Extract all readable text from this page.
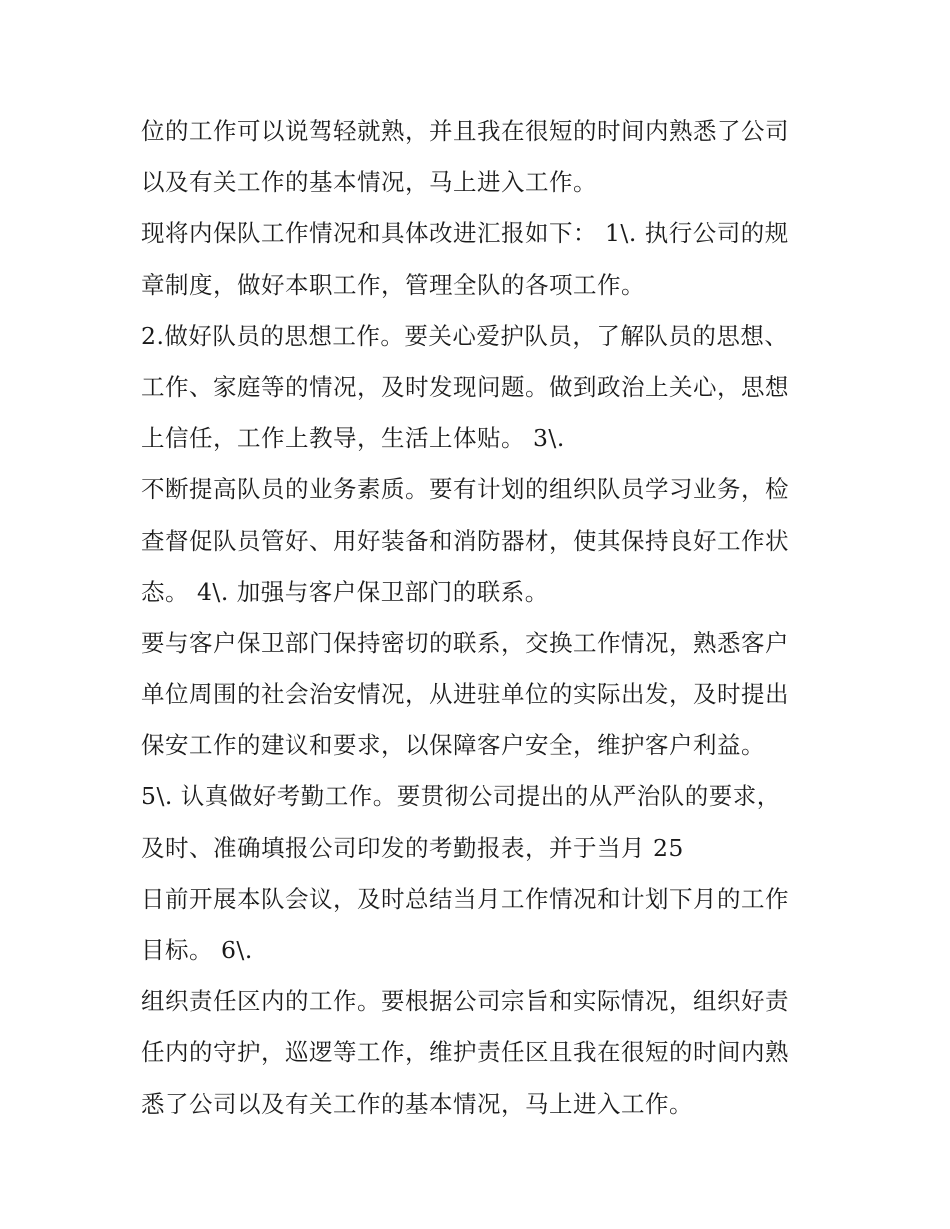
位的工作可以说驾轻就熟，并且我在很短的时间内熟悉了公司
以及有关工作的基本情况，马上进入工作。
现将内保队工作情况和具体改进汇报如下： 1\. 执行公司的规
章制度，做好本职工作，管理全队的各项工作。
2.做好队员的思想工作。要关心爱护队员，了解队员的思想、
工作、家庭等的情况，及时发现问题。做到政治上关心，思想
上信任，工作上教导，生活上体贴。 3\.
不断提高队员的业务素质。要有计划的组织队员学习业务，检
查督促队员管好、用好装备和消防器材，使其保持良好工作状
态。 4\. 加强与客户保卫部门的联系。
要与客户保卫部门保持密切的联系，交换工作情况，熟悉客户
单位周围的社会治安情况，从进驻单位的实际出发，及时提出
保安工作的建议和要求，以保障客户安全，维护客户利益。
5\. 认真做好考勤工作。要贯彻公司提出的从严治队的要求，
及时、准确填报公司印发的考勤报表，并于当月 25
日前开展本队会议，及时总结当月工作情况和计划下月的工作
目标。 6\.
组织责任区内的工作。要根据公司宗旨和实际情况，组织好责
任内的守护，巡逻等工作，维护责任区且我在很短的时间内熟
悉了公司以及有关工作的基本情况，马上进入工作。
